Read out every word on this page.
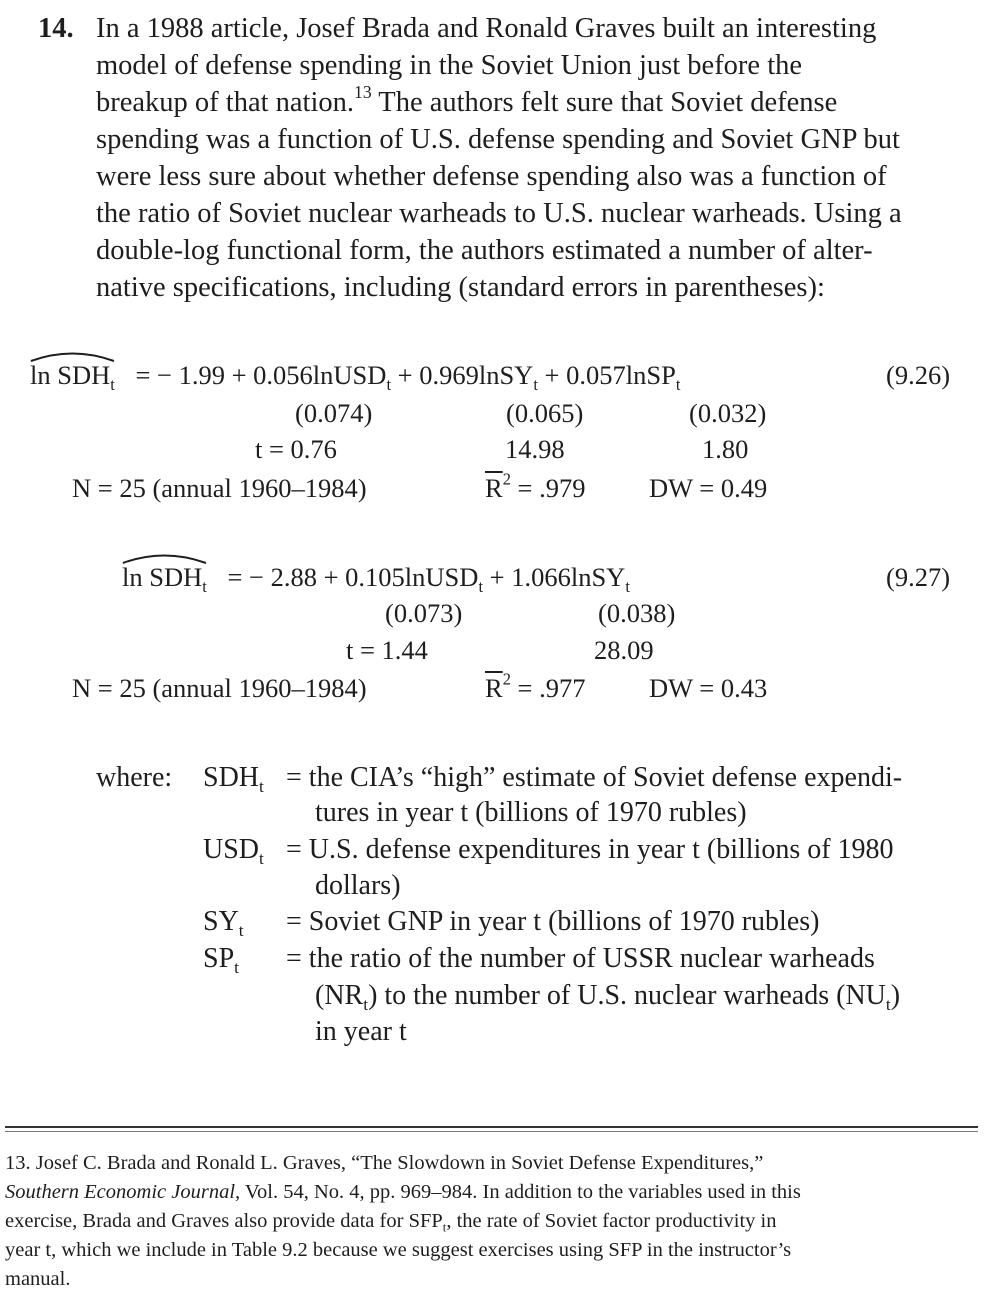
14. In a 1988 article, Josef Brada and Ronald Graves built an interesting
model of defense spending in the Soviet Union just before the
breakup of that nation.$^{13}$ The authors felt sure that Soviet defense
spending was a function of U.S. defense spending and Soviet GNP but
were less sure about whether defense spending also was a function of
the ratio of Soviet nuclear warheads to U.S. nuclear warheads. Using a
double-log functional form, the authors estimated a number of alter-
native specifications, including (standard errors in parentheses):
$\ln SDH_t$ = − 1.99 + 0.056lnUSD$_t$ + 0.969lnSY$_t$ + 0.057lnSP$_t$	(9.26)
(0.074)	(0.065)	(0.032)
t = 0.76	14.98	1.80
N = 25 (annual 1960–1984)	$\overline{R}^2 = .979$ DW = 0.49
$\ln SDH_t$ = − 2.88 + 0.105lnUSD$_t$ + 1.066lnSY$_t$	(9.27)
(0.073)	(0.038)
t = 1.44	28.09
N = 25 (annual 1960–1984)	$\overline{R}^2 = .977$ DW = 0.43
where: $SDH_t$ = the CIA’s “high” estimate of Soviet defense expendi-
tures in year t (billions of 1970 rubles)
$USD_t = U.S$. defense expenditures in year t (billions of 1980
dollars)
$SY_t$ = Soviet GNP in year t (billions of 1970 rubles)
$SP_t$ = the ratio of the number of USSR nuclear warheads
$(NR_t)$ to the number of U.S. nuclear warheads $(NU_t)$
in year t
13. Josef C. Brada and Ronald L. Graves, “The Slowdown in Soviet Defense Expenditures,”
Southern Economic Journal, Vol. 54, No. 4, pp. 969–984. In addition to the variables used in this
exercise, Brada and Graves also provide data for $SFP_t$, the rate of Soviet factor productivity in
year t, which we include in Table 9.2 because we suggest exercises using SFP in the instructor’s
manual.
